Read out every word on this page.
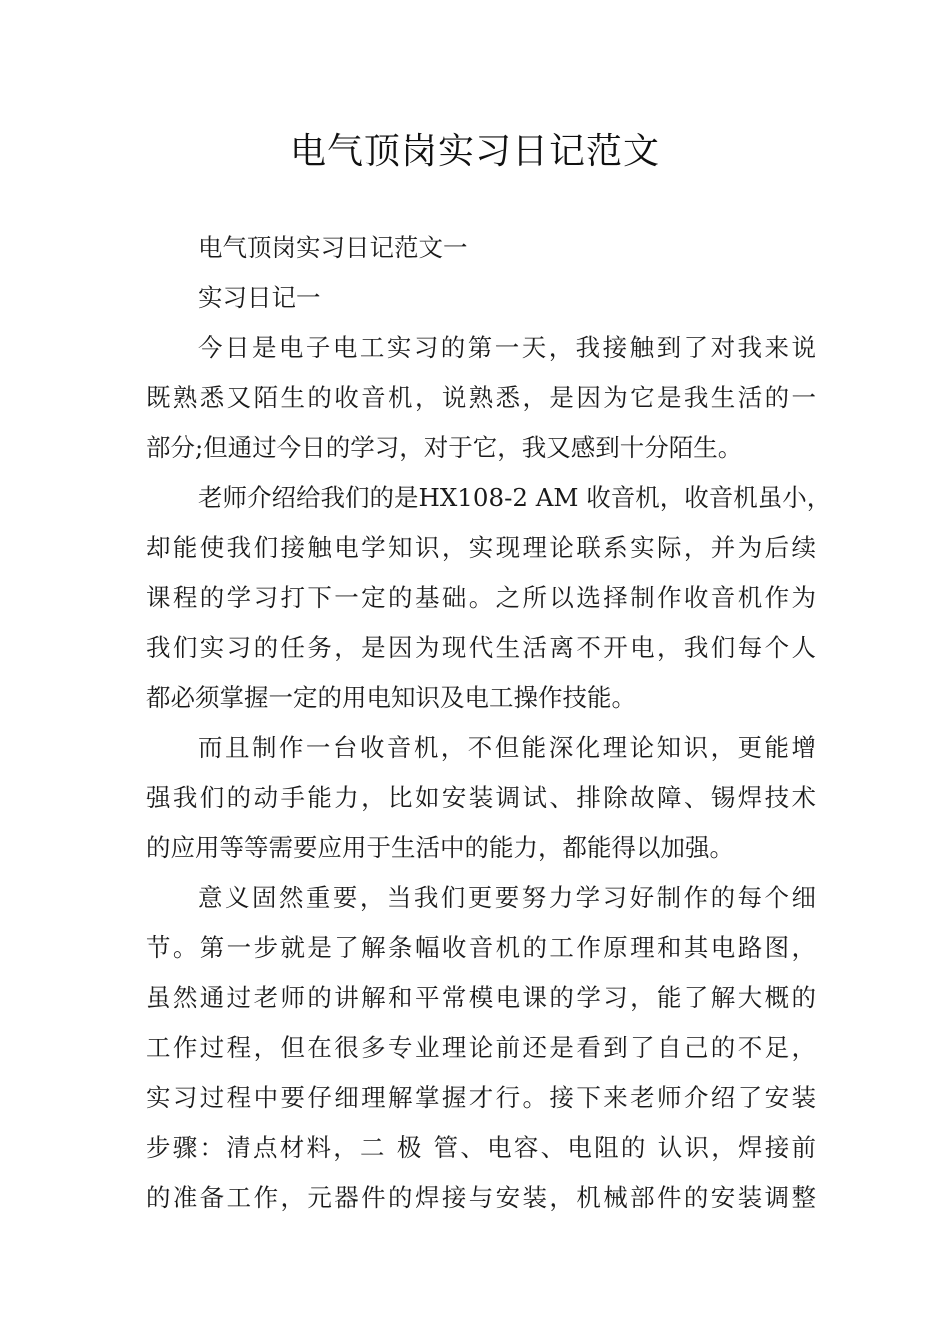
电气顶岗实习日记范文
电气顶岗实习日记范文一
实习日记一
今日是电子电工实习的第一天，我接触到了对我来说
既熟悉又陌生的收音机，说熟悉，是因为它是我生活的一
部分;但通过今日的学习，对于它，我又感到十分陌生。
老师介绍给我们的是HX108-2 AM 收音机，收音机虽小，
却能使我们接触电学知识，实现理论联系实际，并为后续
课程的学习打下一定的基础。之所以选择制作收音机作为
我们实习的任务，是因为现代生活离不开电，我们每个人
都必须掌握一定的用电知识及电工操作技能。
而且制作一台收音机，不但能深化理论知识，更能增
强我们的动手能力，比如安装调试、排除故障、锡焊技术
的应用等等需要应用于生活中的能力，都能得以加强。
意义固然重要，当我们更要努力学习好制作的每个细
节。第一步就是了解条幅收音机的工作原理和其电路图，
虽然通过老师的讲解和平常模电课的学习，能了解大概的
工作过程，但在很多专业理论前还是看到了自己的不足，
实习过程中要仔细理解掌握才行。接下来老师介绍了安装
步骤：清点材料，二 极 管、电容、电阻的 认识，焊接前
的准备工作，元器件的焊接与安装，机械部件的安装调整
